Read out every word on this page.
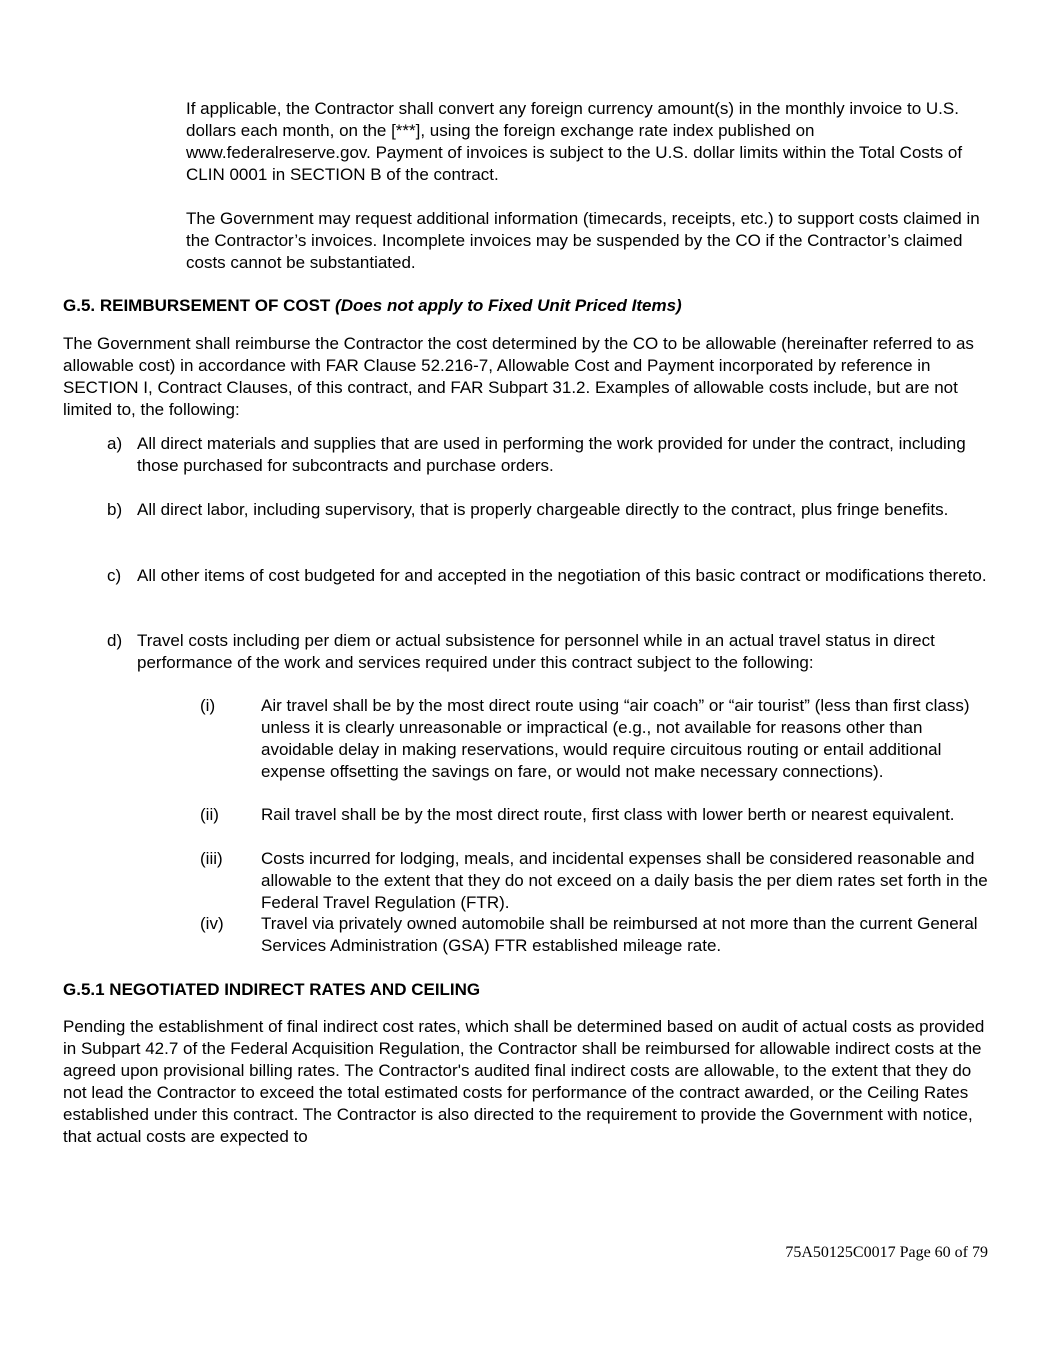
If applicable, the Contractor shall convert any foreign currency amount(s) in the monthly invoice to U.S. dollars each month, on the [***], using the foreign exchange rate index published on www.federalreserve.gov. Payment of invoices is subject to the U.S. dollar limits within the Total Costs of CLIN 0001 in SECTION B of the contract.

The Government may request additional information (timecards, receipts, etc.) to support costs claimed in the Contractor’s invoices. Incomplete invoices may be suspended by the CO if the Contractor’s claimed costs cannot be substantiated.

G.5. REIMBURSEMENT OF COST (Does not apply to Fixed Unit Priced Items)

The Government shall reimburse the Contractor the cost determined by the CO to be allowable (hereinafter referred to as allowable cost) in accordance with FAR Clause 52.216-7, Allowable Cost and Payment incorporated by reference in SECTION I, Contract Clauses, of this contract, and FAR Subpart 31.2. Examples of allowable costs include, but are not limited to, the following:

a) All direct materials and supplies that are used in performing the work provided for under the contract, including those purchased for subcontracts and purchase orders.
b) All direct labor, including supervisory, that is properly chargeable directly to the contract, plus fringe benefits.
c) All other items of cost budgeted for and accepted in the negotiation of this basic contract or modifications thereto.
d) Travel costs including per diem or actual subsistence for personnel while in an actual travel status in direct performance of the work and services required under this contract subject to the following:
(i)	Air travel shall be by the most direct route using “air coach” or “air tourist” (less than first class) unless it is clearly unreasonable or impractical (e.g., not available for reasons other than avoidable delay in making reservations, would require circuitous routing or entail additional expense offsetting the savings on fare, or would not make necessary connections).
(ii) Rail travel shall be by the most direct route, first class with lower berth or nearest equivalent.
(iii) Costs incurred for lodging, meals, and incidental expenses shall be considered reasonable and allowable to the extent that they do not exceed on a daily basis the per diem rates set forth in the Federal Travel Regulation (FTR).
(iv) Travel via privately owned automobile shall be reimbursed at not more than the current General Services Administration (GSA) FTR established mileage rate.

G.5.1 NEGOTIATED INDIRECT RATES AND CEILING

Pending the establishment of final indirect cost rates, which shall be determined based on audit of actual costs as provided in Subpart 42.7 of the Federal Acquisition Regulation, the Contractor shall be reimbursed for allowable indirect costs at the agreed upon provisional billing rates. The Contractor's audited final indirect costs are allowable, to the extent that they do not lead the Contractor to exceed the total estimated costs for performance of the contract awarded, or the Ceiling Rates established under this contract. The Contractor is also directed to the requirement to provide the Government with notice, that actual costs are expected to

75A50125C0017 Page 60 of 79
